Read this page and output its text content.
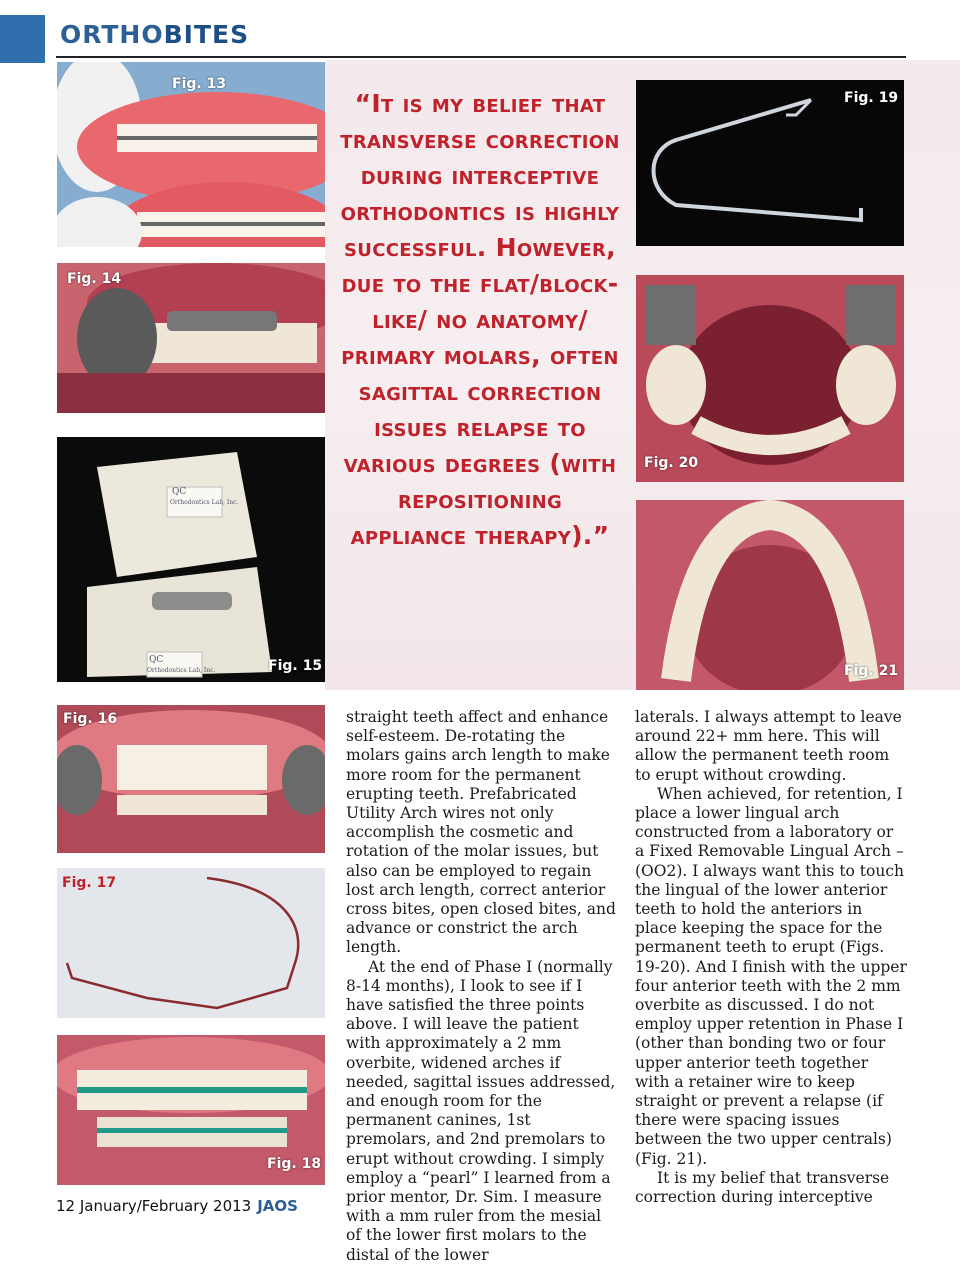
ORTHOBITES
“It is my belief that transverse correction during interceptive orthodontics is highly successful. However, due to the flat/block-like/ no anatomy/ primary molars, often sagittal correction issues relapse to various degrees (with repositioning appliance therapy).”
Fig. 13
Fig. 14
QC
Orthodontics Lab, Inc.
QC
Orthodontics Lab, Inc.	Fig. 15
Fig. 16
Fig. 17
Fig. 18
Fig. 19
Fig. 20
Fig. 21

straight teeth affect and enhance self-esteem. De-rotating the molars gains arch length to make more room for the permanent erupting teeth. Prefabricated Utility Arch wires not only accomplish the cosmetic and rotation of the molar issues, but also can be employed to regain lost arch length, correct anterior cross bites, open closed bites, and advance or constrict the arch length.

At the end of Phase I (normally 8-14 months), I look to see if I have satisfied the three points above. I will leave the patient with approximately a 2 mm overbite, widened arches if needed, sagittal issues addressed, and enough room for the permanent canines, 1st premolars, and 2nd premolars to erupt without crowding. I simply employ a “pearl” I learned from a prior mentor, Dr. Sim. I measure with a mm ruler from the mesial of the lower first molars to the distal of the lower

laterals. I always attempt to leave around 22+ mm here. This will allow the permanent teeth room to erupt without crowding.

When achieved, for retention, I place a lower lingual arch constructed from a laboratory or a Fixed Removable Lingual Arch – (OO2). I always want this to touch the lingual of the lower anterior teeth to hold the anteriors in place keeping the space for the permanent teeth to erupt (Figs. 19-20). And I finish with the upper four anterior teeth with the 2 mm overbite as discussed. I do not employ upper retention in Phase I (other than bonding two or four upper anterior teeth together with a retainer wire to keep straight or prevent a relapse (if there were spacing issues between the two upper centrals) (Fig. 21).

It is my belief that transverse correction during interceptive

12 January/February 2013 JAOS
